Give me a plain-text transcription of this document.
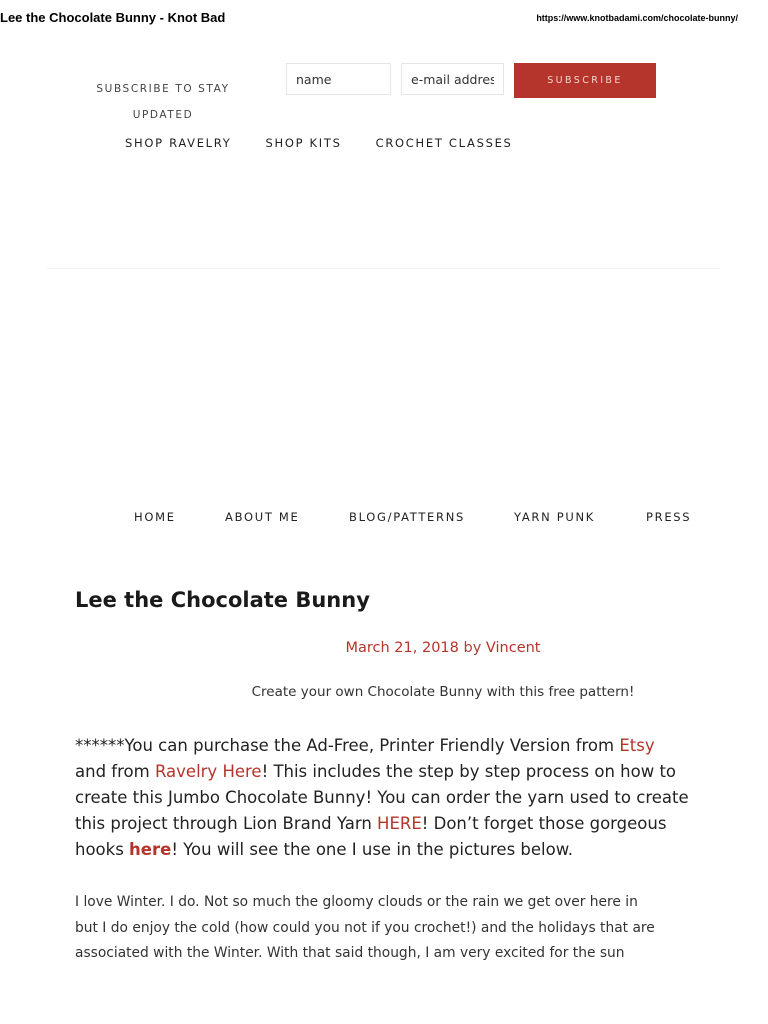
Lee the Chocolate Bunny - Knot Bad	https://www.knotbadami.com/chocolate-bunny/
SUBSCRIBE TO STAY
UPDATED
name
e-mail address
SUBSCRIBE
SHOP RAVELRY	SHOP KITS	CROCHET CLASSES
HOME	ABOUT ME	BLOG/PATTERNS	YARN PUNK	PRESS
Lee the Chocolate Bunny
March 21, 2018 by Vincent
Create your own Chocolate Bunny with this free pattern!
******You can purchase the Ad-Free, Printer Friendly Version from Etsy
and from Ravelry Here! This includes the step by step process on how to
create this Jumbo Chocolate Bunny! You can order the yarn used to create
this project through Lion Brand Yarn HERE! Don’t forget those gorgeous
hooks here! You will see the one I use in the pictures below.
I love Winter. I do. Not so much the gloomy clouds or the rain we get over here in
but I do enjoy the cold (how could you not if you crochet!) and the holidays that are
associated with the Winter. With that said though, I am very excited for the sun
